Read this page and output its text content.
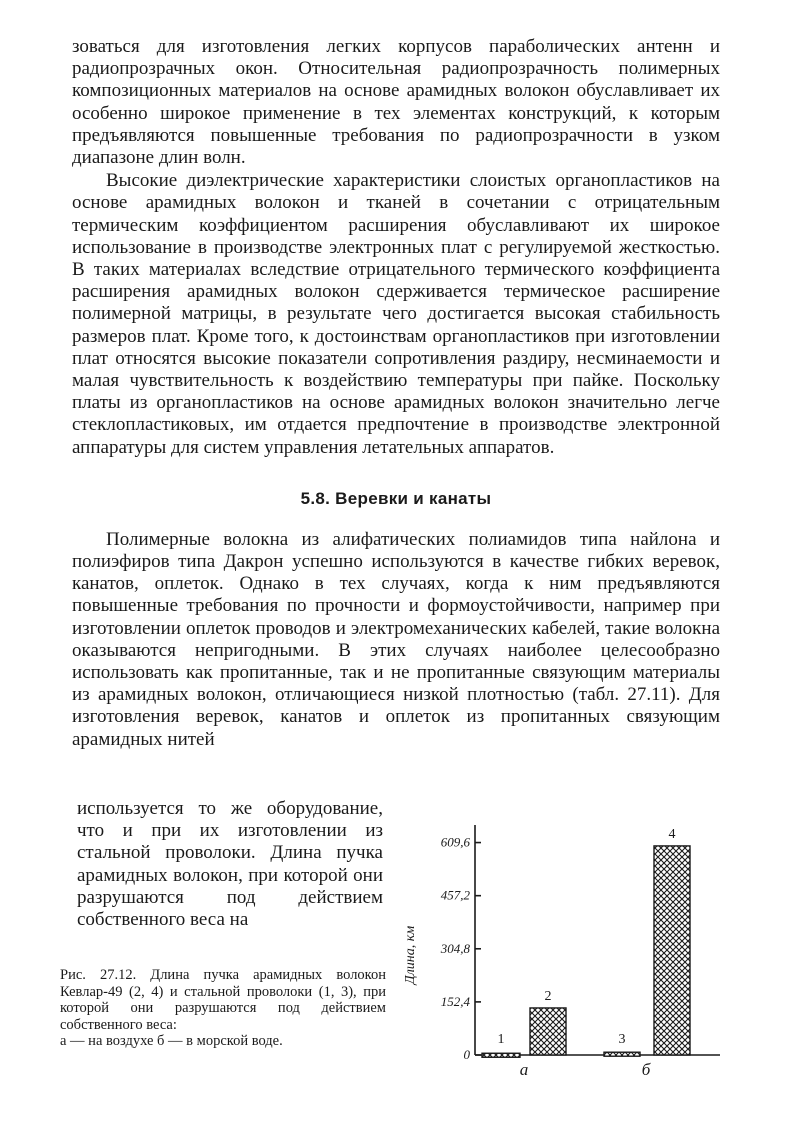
зоваться для изготовления легких корпусов параболических антенн и радиопрозрачных окон. Относительная радиопрозрачность полимерных композиционных материалов на основе арамидных волокон обуславливает их особенно широкое применение в тех элементах конструкций, к которым предъявляются повышенные требования по радиопрозрачности в узком диапазоне длин волн.

Высокие диэлектрические характеристики слоистых органопластиков на основе арамидных волокон и тканей в сочетании с отрицательным термическим коэффициентом расширения обуславливают их широкое использование в производстве электронных плат с регулируемой жесткостью. В таких материалах вследствие отрицательного термического коэффициента расширения арамидных волокон сдерживается термическое расширение полимерной матрицы, в результате чего достигается высокая стабильность размеров плат. Кроме того, к достоинствам органопластиков при изготовлении плат относятся высокие показатели сопротивления раздиру, несминаемости и малая чувствительность к воздействию температуры при пайке. Поскольку платы из органопластиков на основе арамидных волокон значительно легче стеклопластиковых, им отдается предпочтение в производстве электронной аппаратуры для систем управления летательных аппаратов.

5.8. Веревки и канаты

Полимерные волокна из алифатических полиамидов типа найлона и полиэфиров типа Дакрон успешно используются в качестве гибких веревок, канатов, оплеток. Однако в тех случаях, когда к ним предъявляются повышенные требования по прочности и формоустойчивости, например при изготовлении оплеток проводов и электромеханических кабелей, такие волокна оказываются непригодными. В этих случаях наиболее целесообразно использовать как пропитанные, так и не пропитанные связующим материалы из арамидных волокон, отличающиеся низкой плотностью (табл. 27.11). Для изготовления веревок, канатов и оплеток из пропитанных связующим арамидных нитей

используется то же оборудование, что и при их изготовлении из стальной проволоки. Длина пучка арамидных волокон, при которой они разрушаются под действием собственного веса на
Рис. 27.12. Длина пучка арамидных волокон Кевлар-49 (2, 4) и стальной проволоки (1, 3), при которой они разрушаются под действием собственного веса:
а — на воздухе б — в морской воде.
Длина, км
0
152,4
304,8
457,2
609,6
1
2
3
4
а	б
